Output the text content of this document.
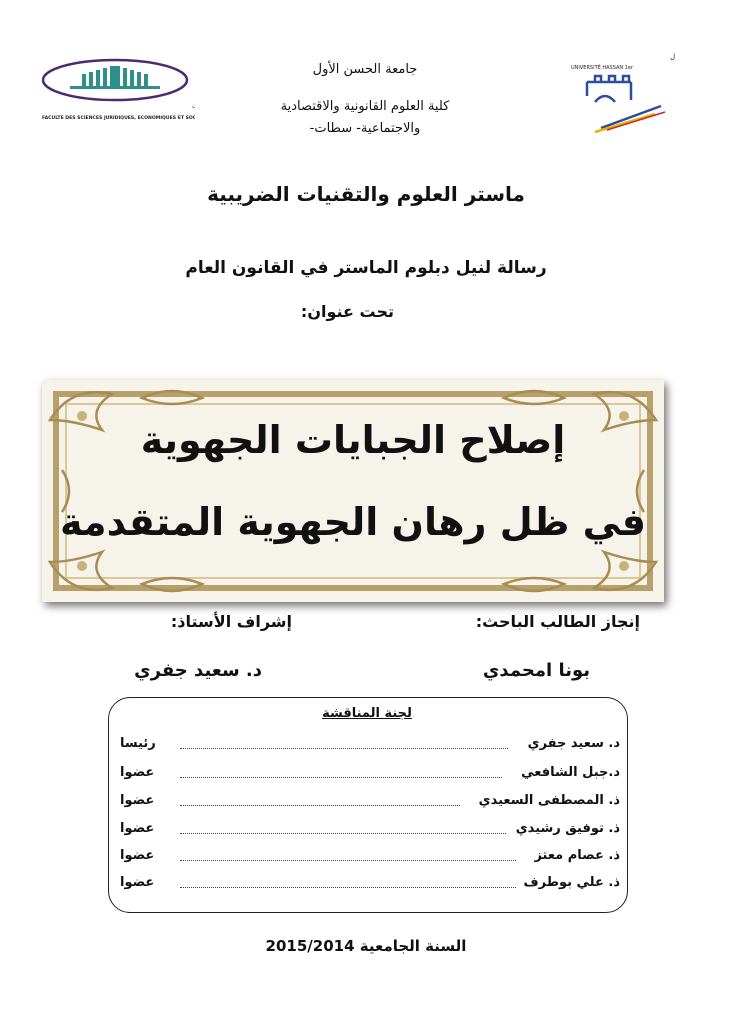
FACULTE DES SCIENCES JURIDIQUES, ECONOMIQUES ET SOC
جامعة الحسن الأول
كلية العلوم القانونية والاقتصادية
والاجتماعية- سطات-
ل
UNIVERSITÉ HASSAN 1er
ماستر العلوم والتقنيات الضريبية
رسالة لنيل دبلوم الماستر في القانون العام
تحت عنوان:
إصلاح الجبايات الجهوية
في ظل رهان الجهوية المتقدمة
إنجاز الطالب الباحث:
إشراف الأستاذ:
بونا امحمدي
د. سعيد جفري
لجنة المناقشة
د. سعيد جفري
رئيسا
د.جبل الشافعي
عضوا
ذ. المصطفى السعيدي
عضوا
ذ. توفيق رشيدي
عضوا
ذ. عصام معتز
عضوا
ذ. علي بوطرف
عضوا
السنة الجامعية 2015/2014
